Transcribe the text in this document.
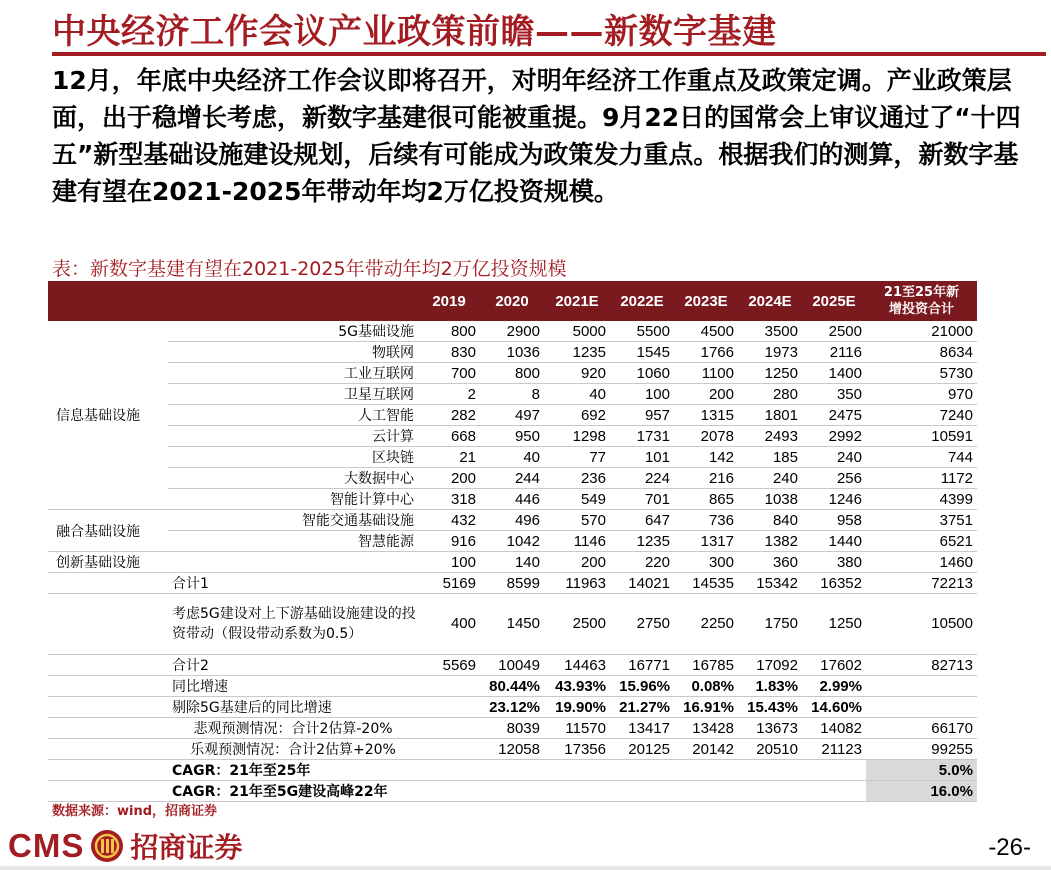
中央经济工作会议产业政策前瞻——新数字基建
12月，年底中央经济工作会议即将召开，对明年经济工作重点及政策定调。产业政策层面，出于稳增长考虑，新数字基建很可能被重提。9月22日的国常会上审议通过了“十四五”新型基础设施建设规划，后续有可能成为政策发力重点。根据我们的测算，新数字基建有望在2021-2025年带动年均2万亿投资规模。
表：新数字基建有望在2021-2025年带动年均2万亿投资规模
		2019	2020	2021E	2022E	2023E	2024E	2025E	21至25年新
增投资合计
信息基础设施	5G基础设施	800	2900	5000	5500	4500	3500	2500	21000
	物联网	830	1036	1235	1545	1766	1973	2116	8634
	工业互联网	700	800	920	1060	1100	1250	1400	5730
	卫星互联网	2	8	40	100	200	280	350	970
	人工智能	282	497	692	957	1315	1801	2475	7240
	云计算	668	950	1298	1731	2078	2493	2992	10591
	区块链	21	40	77	101	142	185	240	744
	大数据中心	200	244	236	224	216	240	256	1172
	智能计算中心	318	446	549	701	865	1038	1246	4399
融合基础设施	智能交通基础设施	432	496	570	647	736	840	958	3751
	智慧能源	916	1042	1146	1235	1317	1382	1440	6521
创新基础设施		100	140	200	220	300	360	380	1460
	合计1	5169	8599	11963	14021	14535	15342	16352	72213
	考虑5G建设对上下游基础设施建设的投资带动（假设带动系数为0.5）	400	1450	2500	2750	2250	1750	1250	10500
	合计2	5569	10049	14463	16771	16785	17092	17602	82713
	同比增速		80.44%	43.93%	15.96%	0.08%	1.83%	2.99%	
	剔除5G基建后的同比增速		23.12%	19.90%	21.27%	16.91%	15.43%	14.60%	
	悲观预测情况：合计2估算-20%		8039	11570	13417	13428	13673	14082	66170
	乐观预测情况：合计2估算+20%		12058	17356	20125	20142	20510	21123	99255
	CAGR：21年至25年								5.0%
	CAGR：21年至5G建设高峰22年								16.0%
数据来源：wind，招商证券
CMS 招商证券	-26-
